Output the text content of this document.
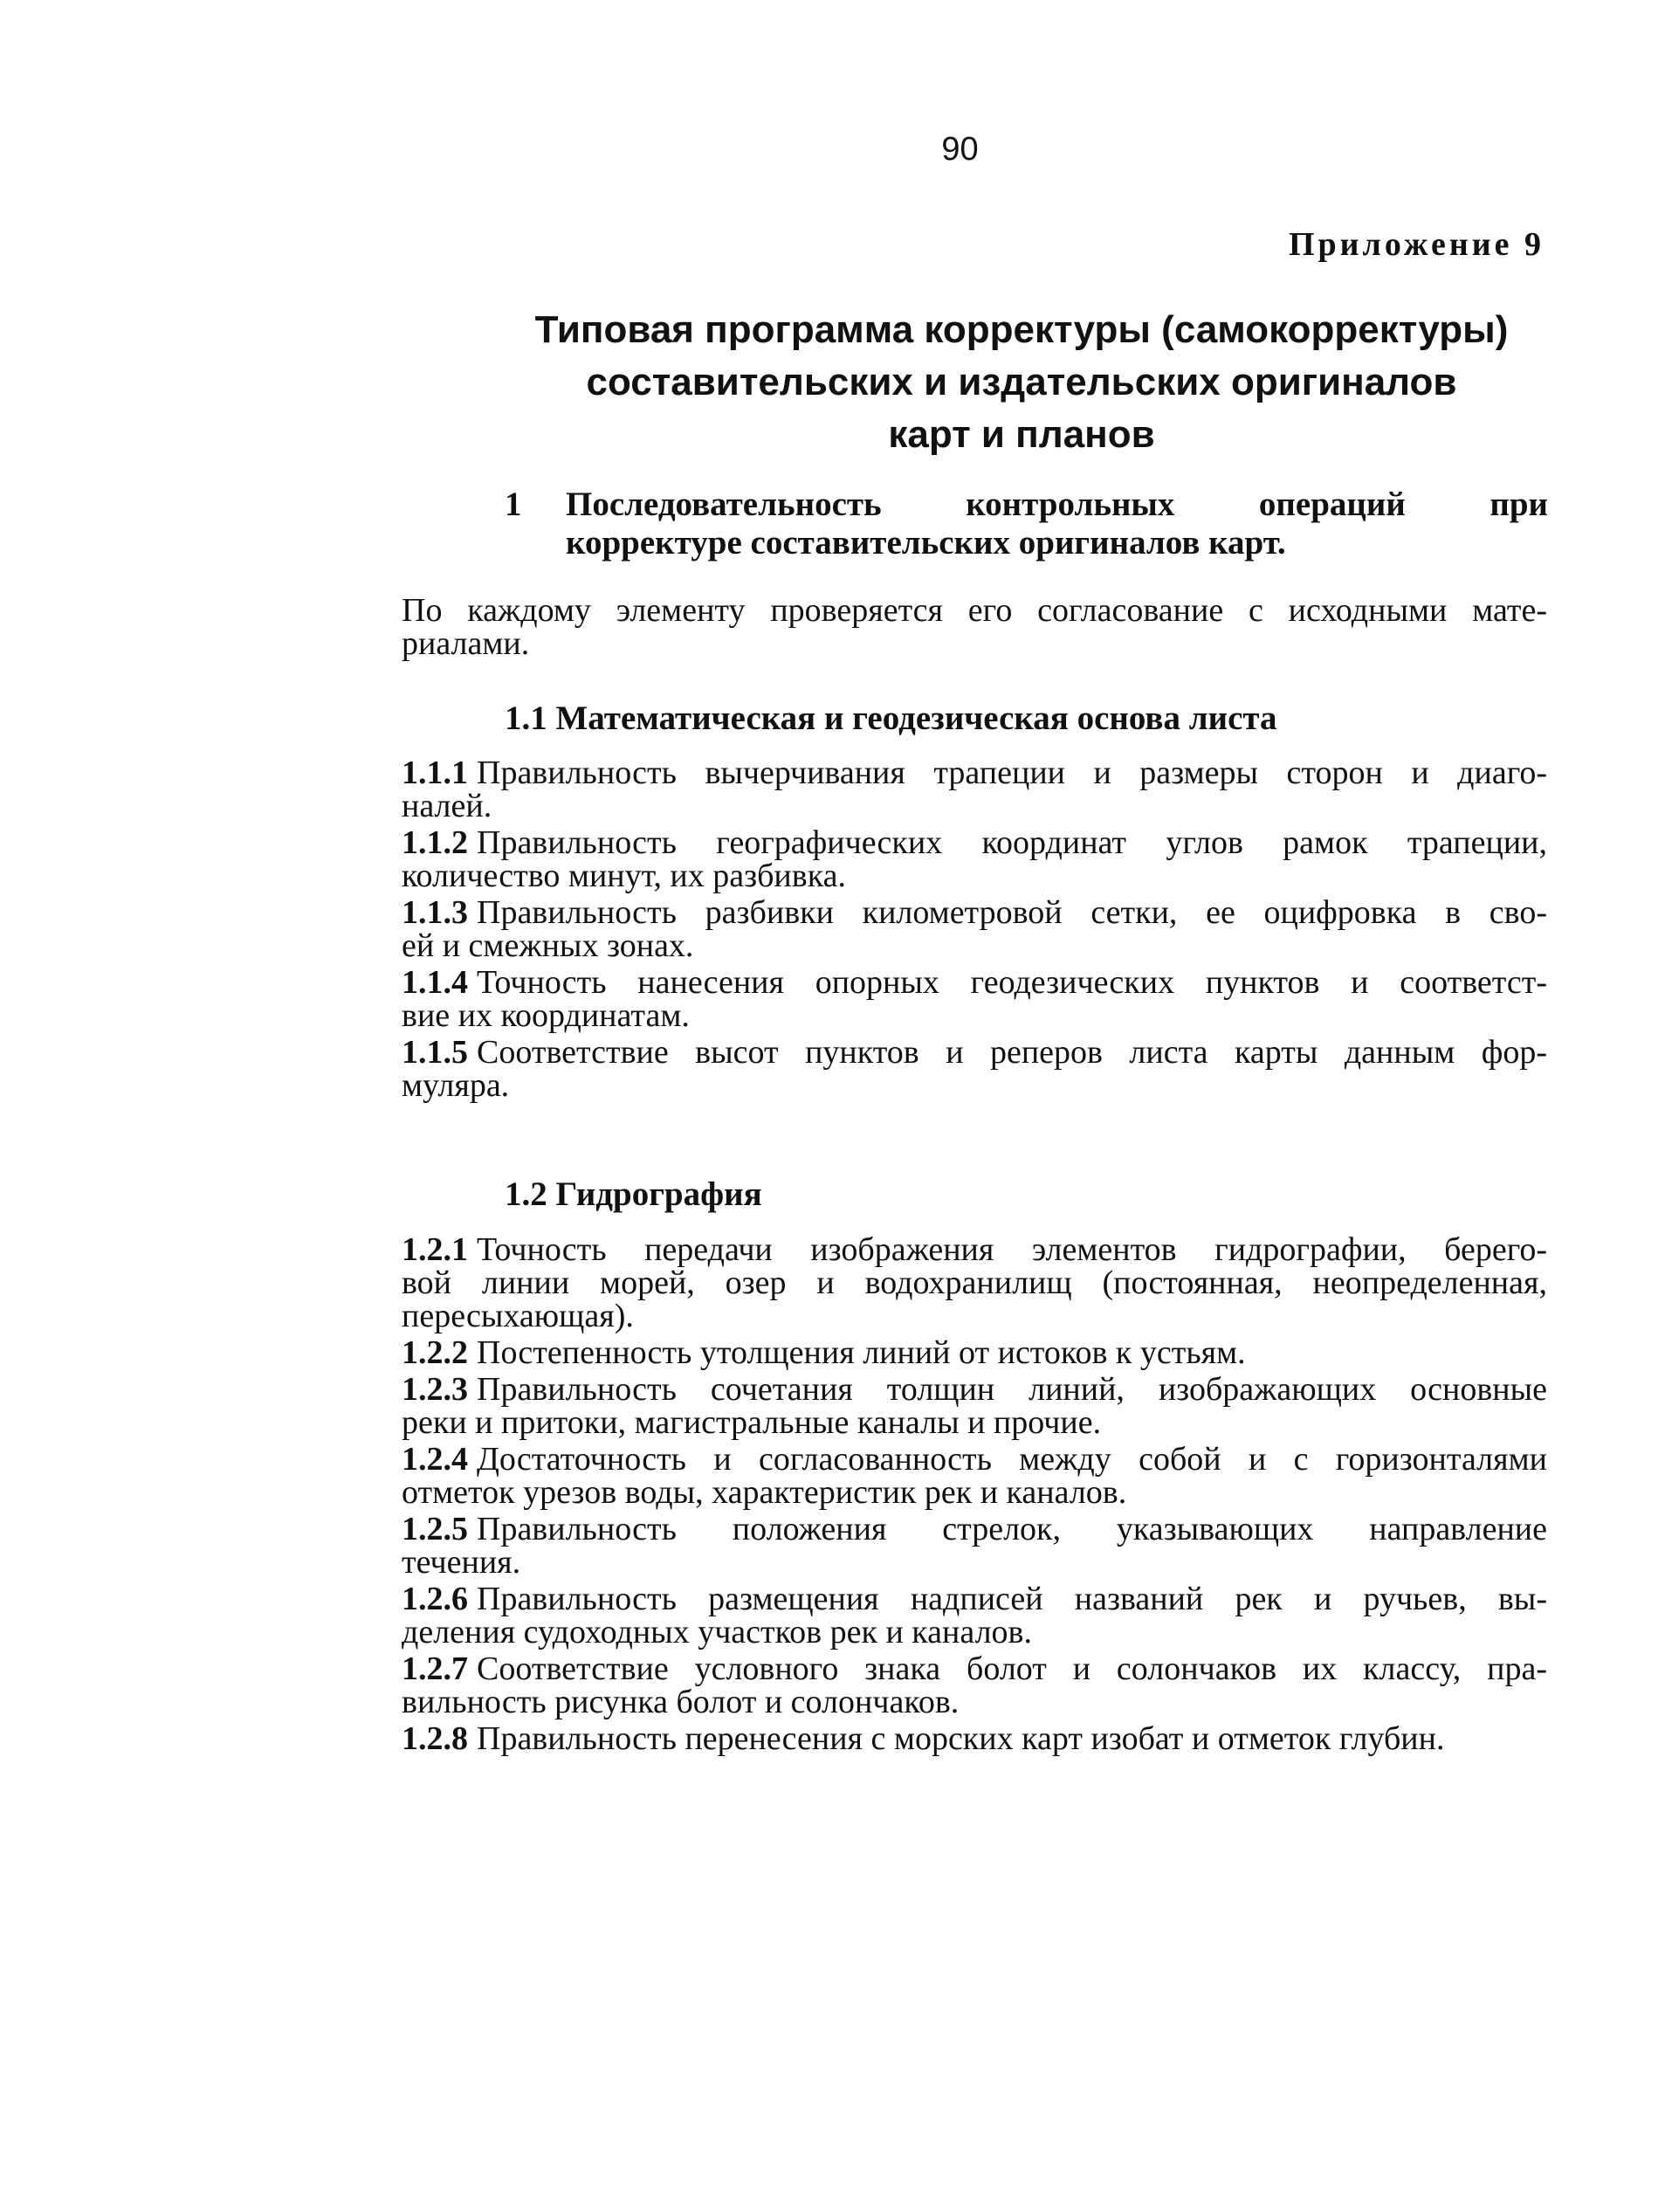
90
Приложение 9
Типовая программа корректуры (самокорректуры)
составительских и издательских оригиналов
карт и планов
1 Последовательность контрольных операций при
корректуре составительских оригиналов карт.
По каждому элементу проверяется его согласование с исходными мате-
риалами.
1.1 Математическая и геодезическая основа листа
1.1.1 Правильность вычерчивания трапеции и размеры сторон и диаго-
налей.
1.1.2 Правильность географических координат углов рамок трапеции,
количество минут, их разбивка.
1.1.3 Правильность разбивки километровой сетки, ее оцифровка в сво-
ей и смежных зонах.
1.1.4 Точность нанесения опорных геодезических пунктов и соответст-
вие их координатам.
1.1.5 Соответствие высот пунктов и реперов листа карты данным фор-
муляра.
1.2 Гидрография
1.2.1 Точность передачи изображения элементов гидрографии, берего-
вой линии морей, озер и водохранилищ (постоянная, неопределенная,
пересыхающая).
1.2.2 Постепенность утолщения линий от истоков к устьям.
1.2.3 Правильность сочетания толщин линий, изображающих основные
реки и притоки, магистральные каналы и прочие.
1.2.4 Достаточность и согласованность между собой и с горизонталями
отметок урезов воды, характеристик рек и каналов.
1.2.5 Правильность положения стрелок, указывающих направление
течения.
1.2.6 Правильность размещения надписей названий рек и ручьев, вы-
деления судоходных участков рек и каналов.
1.2.7 Соответствие условного знака болот и солончаков их классу, пра-
вильность рисунка болот и солончаков.
1.2.8 Правильность перенесения с морских карт изобат и отметок глубин.
